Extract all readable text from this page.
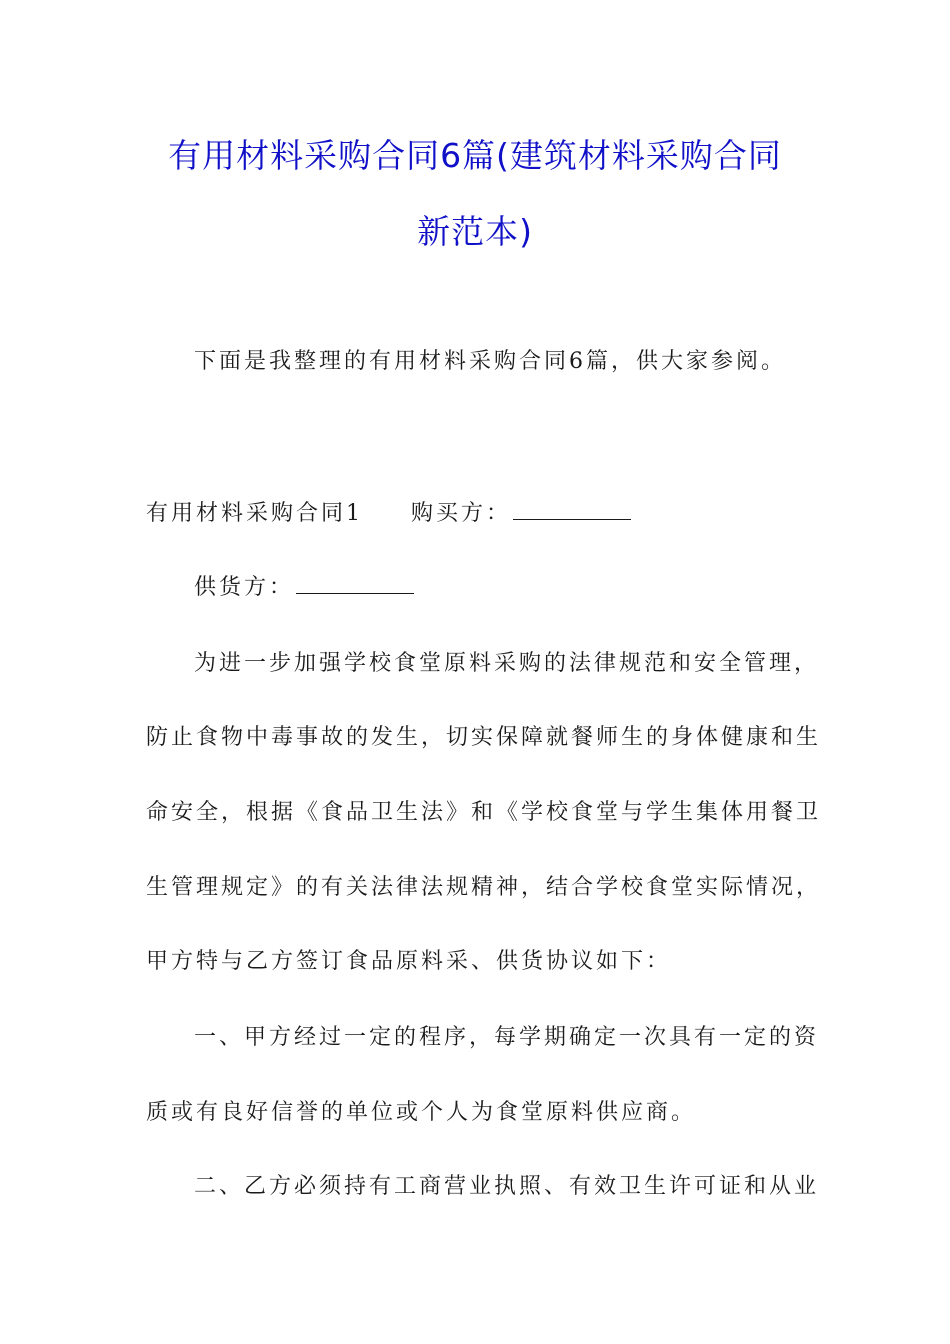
有用材料采购合同6篇(建筑材料采购合同
新范本)
下面是我整理的有用材料采购合同6篇，供大家参阅。
有用材料采购合同1 购买方：
供货方：
为进一步加强学校食堂原料采购的法律规范和安全管理，
防止食物中毒事故的发生，切实保障就餐师生的身体健康和生
命安全，根据《食品卫生法》和《学校食堂与学生集体用餐卫
生管理规定》的有关法律法规精神，结合学校食堂实际情况，
甲方特与乙方签订食品原料采、供货协议如下：
一、甲方经过一定的程序，每学期确定一次具有一定的资
质或有良好信誉的单位或个人为食堂原料供应商。
二、乙方必须持有工商营业执照、有效卫生许可证和从业
